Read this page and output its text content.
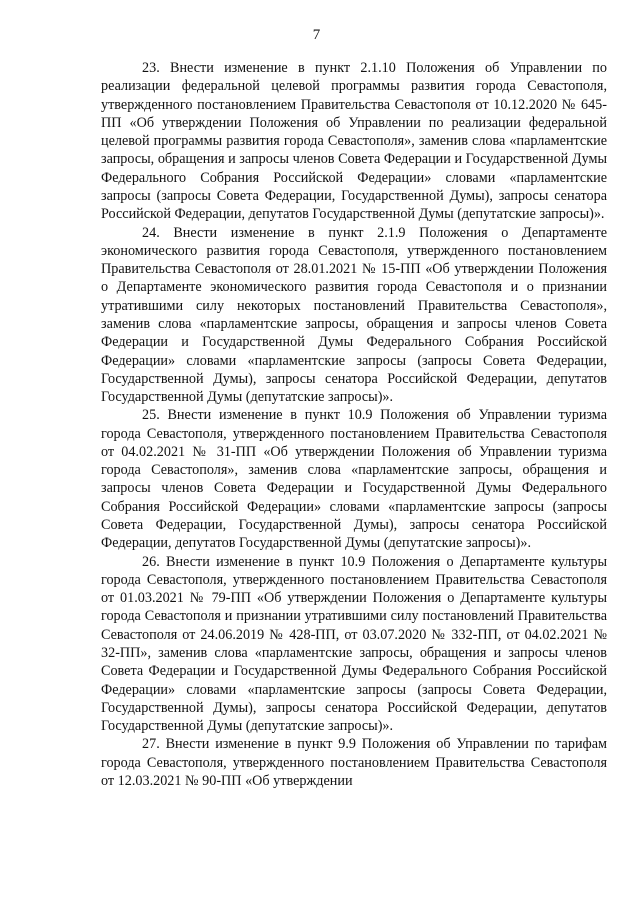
7

23. Внести изменение в пункт 2.1.10 Положения об Управлении по реализации федеральной целевой программы развития города Севастополя, утвержденного постановлением Правительства Севастополя от 10.12.2020 № 645-ПП «Об утверждении Положения об Управлении по реализации федеральной целевой программы развития города Севастополя», заменив слова «парламентские запросы, обращения и запросы членов Совета Федерации и Государственной Думы Федерального Собрания Российской Федерации» словами «парламентские запросы (запросы Совета Федерации, Государственной Думы), запросы сенатора Российской Федерации, депутатов Государственной Думы (депутатские запросы)».

24. Внести изменение в пункт 2.1.9 Положения о Департаменте экономического развития города Севастополя, утвержденного постановлением Правительства Севастополя от 28.01.2021 № 15-ПП «Об утверждении Положения о Департаменте экономического развития города Севастополя и о признании утратившими силу некоторых постановлений Правительства Севастополя», заменив слова «парламентские запросы, обращения и запросы членов Совета Федерации и Государственной Думы Федерального Собрания Российской Федерации» словами «парламентские запросы (запросы Совета Федерации, Государственной Думы), запросы сенатора Российской Федерации, депутатов Государственной Думы (депутатские запросы)».

25. Внести изменение в пункт 10.9 Положения об Управлении туризма города Севастополя, утвержденного постановлением Правительства Севастополя от 04.02.2021 № 31-ПП «Об утверждении Положения об Управлении туризма города Севастополя», заменив слова «парламентские запросы, обращения и запросы членов Совета Федерации и Государственной Думы Федерального Собрания Российской Федерации» словами «парламентские запросы (запросы Совета Федерации, Государственной Думы), запросы сенатора Российской Федерации, депутатов Государственной Думы (депутатские запросы)».

26. Внести изменение в пункт 10.9 Положения о Департаменте культуры города Севастополя, утвержденного постановлением Правительства Севастополя от 01.03.2021 № 79-ПП «Об утверждении Положения о Департаменте культуры города Севастополя и признании утратившими силу постановлений Правительства Севастополя от 24.06.2019 № 428-ПП, от 03.07.2020 № 332-ПП, от 04.02.2021 № 32-ПП», заменив слова «парламентские запросы, обращения и запросы членов Совета Федерации и Государственной Думы Федерального Собрания Российской Федерации» словами «парламентские запросы (запросы Совета Федерации, Государственной Думы), запросы сенатора Российской Федерации, депутатов Государственной Думы (депутатские запросы)».

27. Внести изменение в пункт 9.9 Положения об Управлении по тарифам города Севастополя, утвержденного постановлением Правительства Севастополя от 12.03.2021 № 90-ПП «Об утверждении
